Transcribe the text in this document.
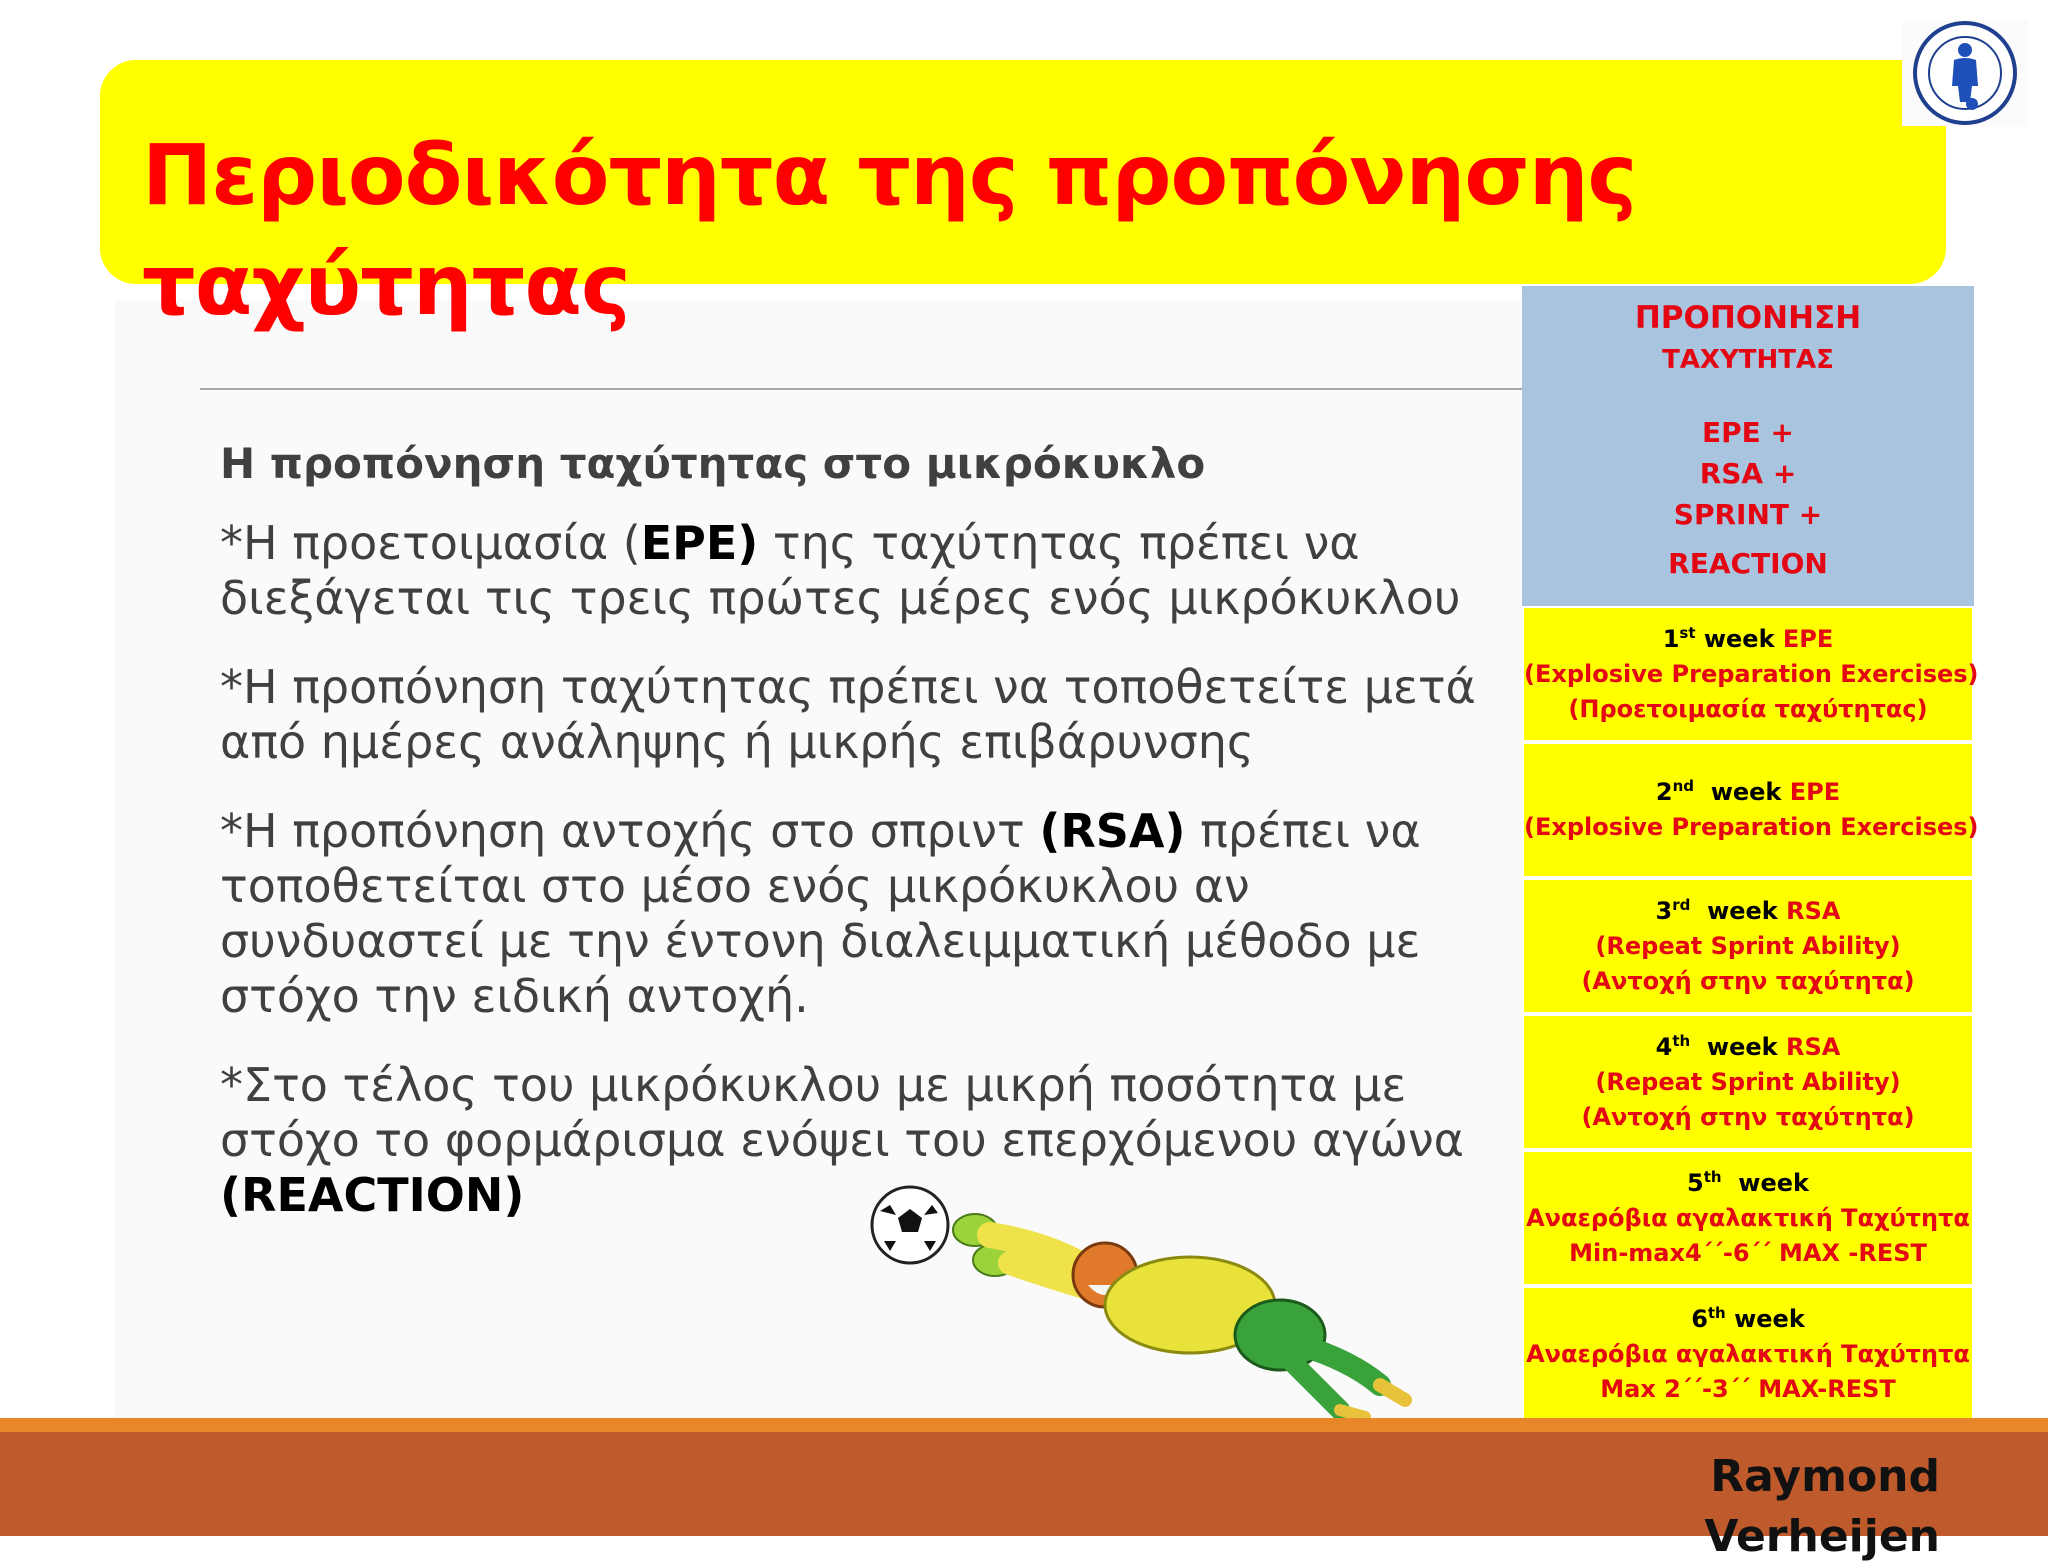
Περιοδικότητα της προπόνησης ταχύτητας
Η προπόνηση ταχύτητας στο μικρόκυκλο
*Η προετοιμασία (EPE) της ταχύτητας πρέπει να διεξάγεται τις τρεις πρώτες μέρες ενός μικρόκυκλου
*Η προπόνηση ταχύτητας πρέπει να τοποθετείτε μετά από ημέρες ανάληψης ή μικρής επιβάρυνσης
*Η προπόνηση αντοχής στο σπριντ (RSA) πρέπει να τοποθετείται στο μέσο ενός μικρόκυκλου αν συνδυαστεί με την έντονη διαλειμματική μέθοδο με στόχο την ειδική αντοχή.
*Στο τέλος του μικρόκυκλου με μικρή ποσότητα με στόχο το φορμάρισμα ενόψει του επερχόμενου αγώνα (REACTION)
ΠΡΟΠΟΝΗΣΗ
ΤΑΧΥΤΗΤΑΣ
EPE +
RSA +
SPRINT +
REACTION
1st week EPE
(Explosive Preparation Exercises)
(Προετοιμασία ταχύτητας)
2nd  week EPE
(Explosive Preparation Exercises)
3rd  week RSA
(Repeat Sprint Ability)
(Αντοχή στην ταχύτητα)
4th  week RSA
(Repeat Sprint Ability)
(Αντοχή στην ταχύτητα)
5th  week
Αναερόβια αγαλακτική Ταχύτητα
Min-max4΄΄-6΄΄ MAX -REST
6th week
Αναερόβια αγαλακτική Ταχύτητα
Max 2΄΄-3΄΄ MAX-REST
Raymond Verheijen
